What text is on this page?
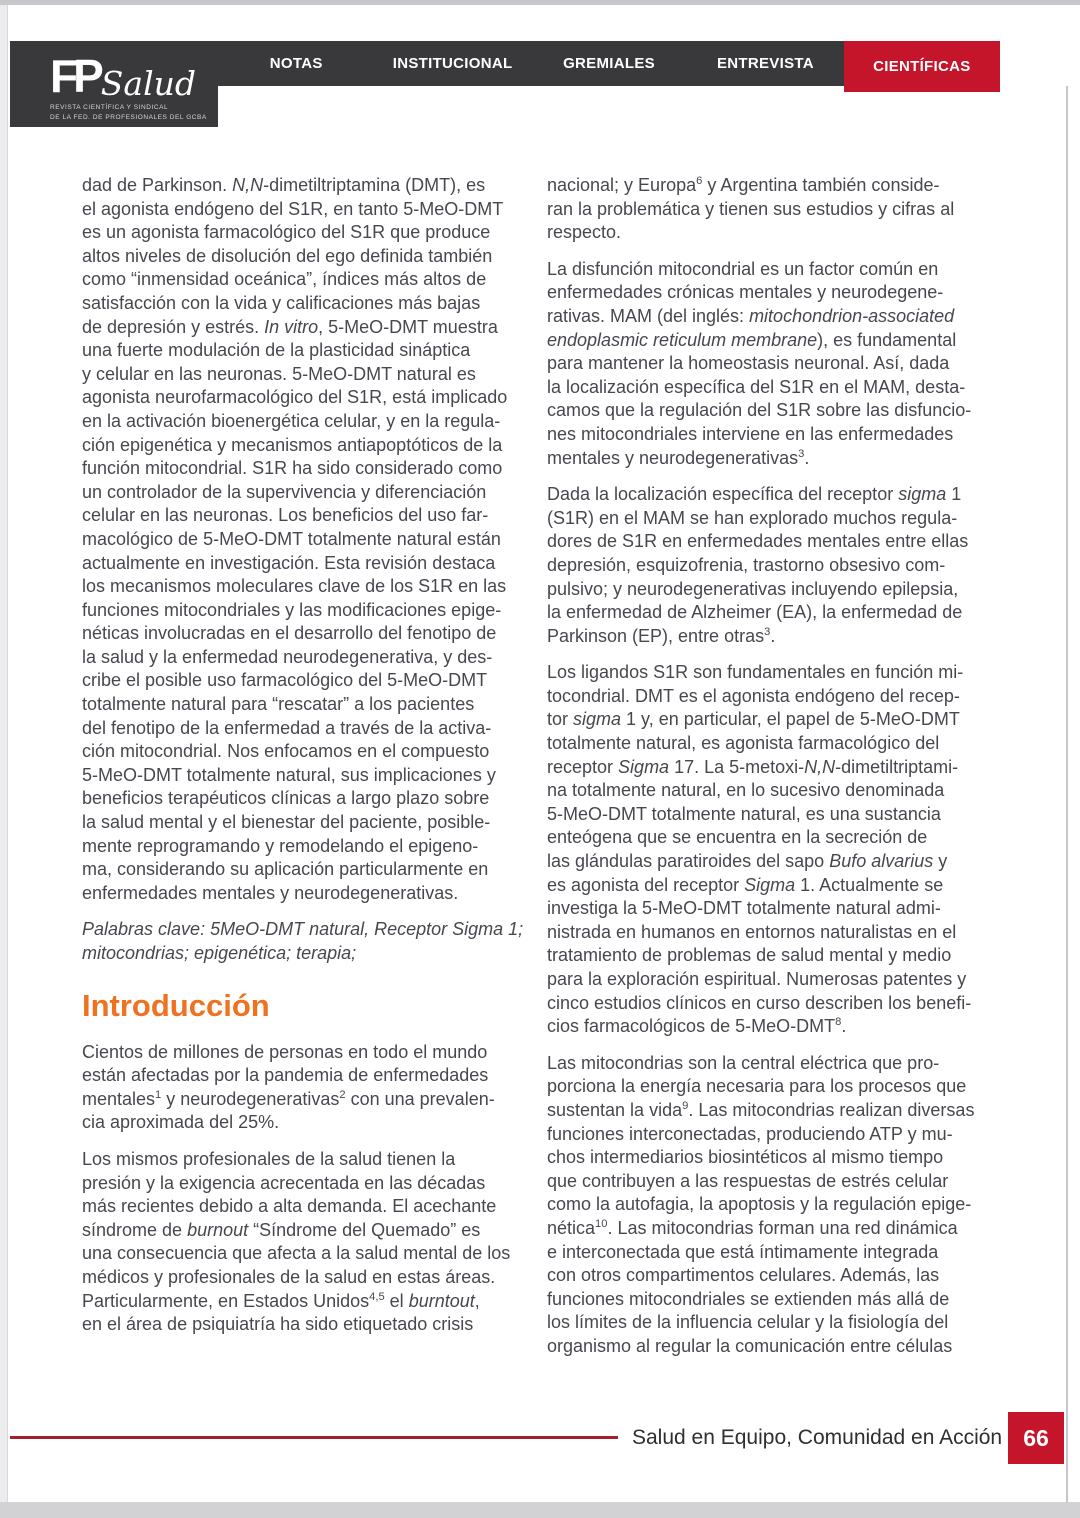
NOTAS	INSTITUCIONAL	GREMIALES	ENTREVISTA	CIENTÍFICAS
FP Salud
REVISTA CIENTÍFICA Y SINDICAL
DE LA FED. DE PROFESIONALES DEL GCBA

dad de Parkinson. N,N-dimetiltriptamina (DMT), es
el agonista endógeno del S1R, en tanto 5-MeO-DMT
es un agonista farmacológico del S1R que produce
altos niveles de disolución del ego definida también
como “inmensidad oceánica”, índices más altos de
satisfacción con la vida y calificaciones más bajas
de depresión y estrés. In vitro, 5-MeO-DMT muestra
una fuerte modulación de la plasticidad sináptica
y celular en las neuronas. 5-MeO-DMT natural es
agonista neurofarmacológico del S1R, está implicado
en la activación bioenergética celular, y en la regula-
ción epigenética y mecanismos antiapoptóticos de la
función mitocondrial. S1R ha sido considerado como
un controlador de la supervivencia y diferenciación
celular en las neuronas. Los beneficios del uso far-
macológico de 5-MeO-DMT totalmente natural están
actualmente en investigación. Esta revisión destaca
los mecanismos moleculares clave de los S1R en las
funciones mitocondriales y las modificaciones epige-
néticas involucradas en el desarrollo del fenotipo de
la salud y la enfermedad neurodegenerativa, y des-
cribe el posible uso farmacológico del 5-MeO-DMT
totalmente natural para “rescatar” a los pacientes
del fenotipo de la enfermedad a través de la activa-
ción mitocondrial. Nos enfocamos en el compuesto
5-MeO-DMT totalmente natural, sus implicaciones y
beneficios terapéuticos clínicas a largo plazo sobre
la salud mental y el bienestar del paciente, posible-
mente reprogramando y remodelando el epigeno-
ma, considerando su aplicación particularmente en
enfermedades mentales y neurodegenerativas.

Palabras clave: 5MeO-DMT natural, Receptor Sigma 1;
mitocondrias; epigenética; terapia;

Introducción

Cientos de millones de personas en todo el mundo
están afectadas por la pandemia de enfermedades
mentales$^1$ y neurodegenerativas$^2$ con una prevalen-
cia aproximada del 25%.

Los mismos profesionales de la salud tienen la
presión y la exigencia acrecentada en las décadas
más recientes debido a alta demanda. El acechante
síndrome de burnout “Síndrome del Quemado” es
una consecuencia que afecta a la salud mental de los
médicos y profesionales de la salud en estas áreas.
Particularmente, en Estados Unidos$^{4,5}$ el burntout,
en el área de psiquiatría ha sido etiquetado crisis

nacional; y Europa$^6$ y Argentina también conside-
ran la problemática y tienen sus estudios y cifras al
respecto.

La disfunción mitocondrial es un factor común en
enfermedades crónicas mentales y neurodegene-
rativas. MAM (del inglés: mitochondrion-associated
endoplasmic reticulum membrane), es fundamental
para mantener la homeostasis neuronal. Así, dada
la localización específica del S1R en el MAM, desta-
camos que la regulación del S1R sobre las disfuncio-
nes mitocondriales interviene en las enfermedades
mentales y neurodegenerativas$^3$.

Dada la localización específica del receptor sigma 1
(S1R) en el MAM se han explorado muchos regula-
dores de S1R en enfermedades mentales entre ellas
depresión, esquizofrenia, trastorno obsesivo com-
pulsivo; y neurodegenerativas incluyendo epilepsia,
la enfermedad de Alzheimer (EA), la enfermedad de
Parkinson (EP), entre otras$^3$.

Los ligandos S1R son fundamentales en función mi-
tocondrial. DMT es el agonista endógeno del recep-
tor sigma 1 y, en particular, el papel de 5-MeO-DMT
totalmente natural, es agonista farmacológico del
receptor Sigma 17. La 5-metoxi-N,N-dimetiltriptami-
na totalmente natural, en lo sucesivo denominada
5-MeO-DMT totalmente natural, es una sustancia
enteógena que se encuentra en la secreción de
las glándulas paratiroides del sapo Bufo alvarius y
es agonista del receptor Sigma 1. Actualmente se
investiga la 5-MeO-DMT totalmente natural admi-
nistrada en humanos en entornos naturalistas en el
tratamiento de problemas de salud mental y medio
para la exploración espiritual. Numerosas patentes y
cinco estudios clínicos en curso describen los benefi-
cios farmacológicos de 5-MeO-DMT$^8$.

Las mitocondrias son la central eléctrica que pro-
porciona la energía necesaria para los procesos que
sustentan la vida$^9$. Las mitocondrias realizan diversas
funciones interconectadas, produciendo ATP y mu-
chos intermediarios biosintéticos al mismo tiempo
que contribuyen a las respuestas de estrés celular
como la autofagia, la apoptosis y la regulación epige-
nética$^{10}$. Las mitocondrias forman una red dinámica
e interconectada que está íntimamente integrada
con otros compartimentos celulares. Además, las
funciones mitocondriales se extienden más allá de
los límites de la influencia celular y la fisiología del
organismo al regular la comunicación entre células

Salud en Equipo, Comunidad en Acción 66
